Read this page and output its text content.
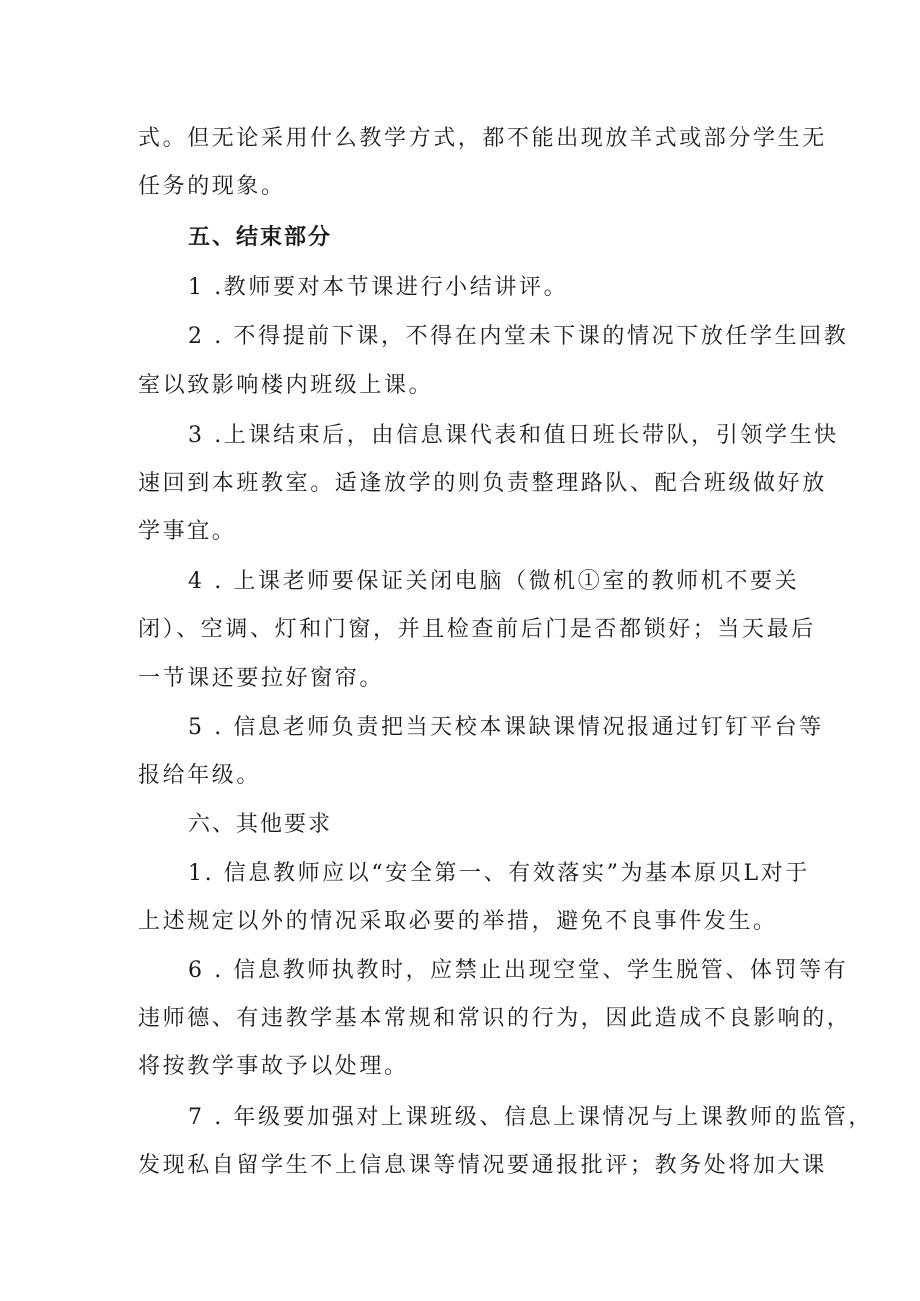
式。但无论采用什么教学方式，都不能出现放羊式或部分学生无
任务的现象。
五、结束部分
1 .教师要对本节课进行小结讲评。
2 . 不得提前下课，不得在内堂未下课的情况下放任学生回教
室以致影响楼内班级上课。
3 .上课结束后，由信息课代表和值日班长带队，引领学生快
速回到本班教室。适逢放学的则负责整理路队、配合班级做好放
学事宜。
4 . 上课老师要保证关闭电脑（微机①室的教师机不要关
闭）、空调、灯和门窗，并且检查前后门是否都锁好；当天最后
一节课还要拉好窗帘。
5 . 信息老师负责把当天校本课缺课情况报通过钉钉平台等
报给年级。
六、其他要求
1. 信息教师应以“安全第一、有效落实”为基本原贝L对于
上述规定以外的情况采取必要的举措，避免不良事件发生。
6 . 信息教师执教时，应禁止出现空堂、学生脱管、体罚等有
违师德、有违教学基本常规和常识的行为，因此造成不良影响的，
将按教学事故予以处理。
7 . 年级要加强对上课班级、信息上课情况与上课教师的监管，
发现私自留学生不上信息课等情况要通报批评；教务处将加大课
